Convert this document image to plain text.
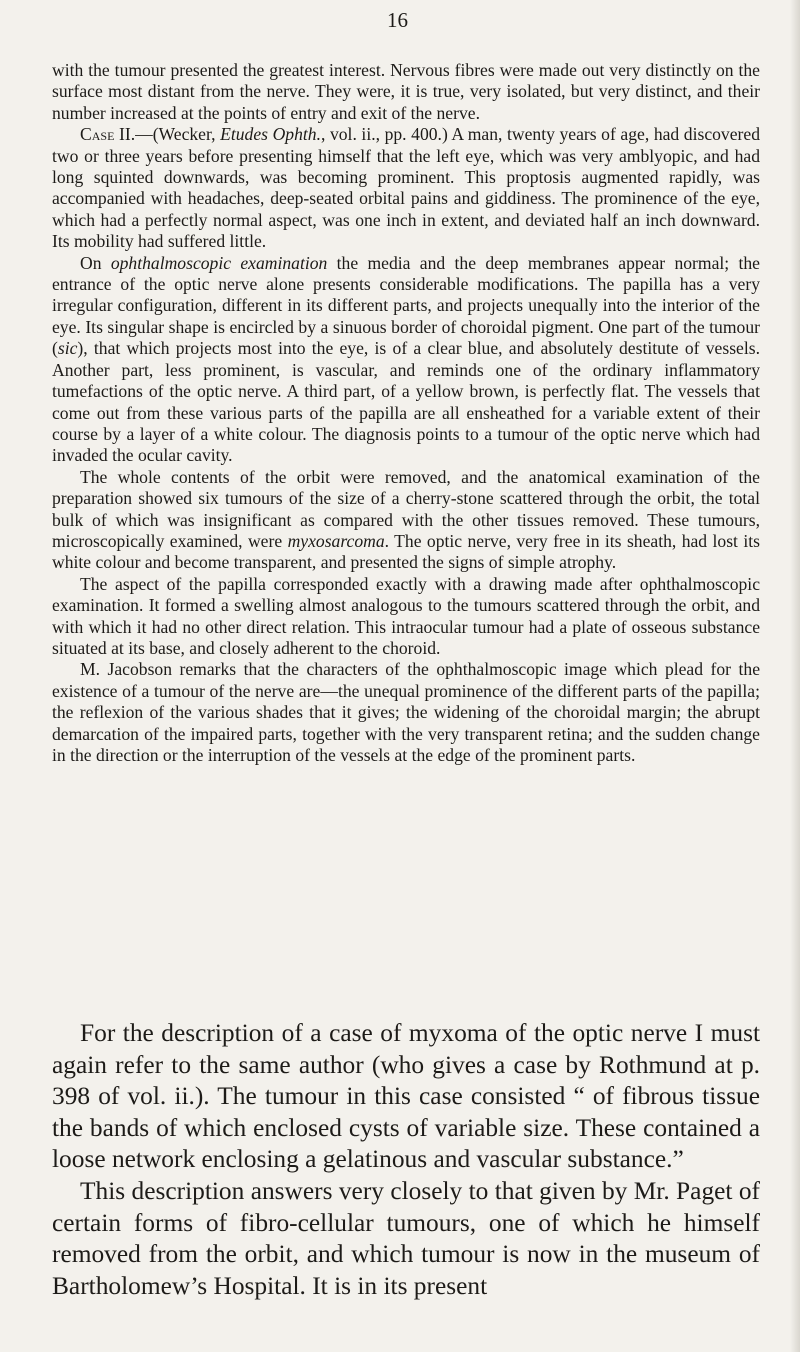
16

with the tumour presented the greatest interest. Nervous fibres were made out very distinctly on the surface most distant from the nerve. They were, it is true, very isolated, but very distinct, and their number increased at the points of entry and exit of the nerve.

Case II.—(Wecker, Etudes Ophth., vol. ii., pp. 400.) A man, twenty years of age, had discovered two or three years before presenting himself that the left eye, which was very amblyopic, and had long squinted downwards, was becoming prominent. This proptosis augmented rapidly, was accompanied with headaches, deep-seated orbital pains and giddiness. The prominence of the eye, which had a perfectly normal aspect, was one inch in extent, and deviated half an inch downward. Its mobility had suffered little.

On ophthalmoscopic examination the media and the deep membranes appear normal; the entrance of the optic nerve alone presents considerable modifications. The papilla has a very irregular configuration, different in its different parts, and projects unequally into the interior of the eye. Its singular shape is encircled by a sinuous border of choroidal pigment. One part of the tumour (sic), that which projects most into the eye, is of a clear blue, and absolutely destitute of vessels. Another part, less prominent, is vascular, and reminds one of the ordinary inflammatory tumefactions of the optic nerve. A third part, of a yellow brown, is perfectly flat. The vessels that come out from these various parts of the papilla are all ensheathed for a variable extent of their course by a layer of a white colour. The diagnosis points to a tumour of the optic nerve which had invaded the ocular cavity.

The whole contents of the orbit were removed, and the anatomical examination of the preparation showed six tumours of the size of a cherry-stone scattered through the orbit, the total bulk of which was insignificant as compared with the other tissues removed. These tumours, microscopically examined, were myxosarcoma. The optic nerve, very free in its sheath, had lost its white colour and become transparent, and presented the signs of simple atrophy.

The aspect of the papilla corresponded exactly with a drawing made after ophthalmoscopic examination. It formed a swelling almost analogous to the tumours scattered through the orbit, and with which it had no other direct relation. This intraocular tumour had a plate of osseous substance situated at its base, and closely adherent to the choroid.

M. Jacobson remarks that the characters of the ophthalmoscopic image which plead for the existence of a tumour of the nerve are—the unequal prominence of the different parts of the papilla; the reflexion of the various shades that it gives; the widening of the choroidal margin; the abrupt demarcation of the impaired parts, together with the very transparent retina; and the sudden change in the direction or the interruption of the vessels at the edge of the prominent parts.

For the description of a case of myxoma of the optic nerve I must again refer to the same author (who gives a case by Rothmund at p. 398 of vol. ii.). The tumour in this case consisted “ of fibrous tissue the bands of which enclosed cysts of variable size. These contained a loose network enclosing a gelatinous and vascular substance.”

This description answers very closely to that given by Mr. Paget of certain forms of fibro-cellular tumours, one of which he himself removed from the orbit, and which tumour is now in the museum of Bartholomew’s Hospital. It is in its present
